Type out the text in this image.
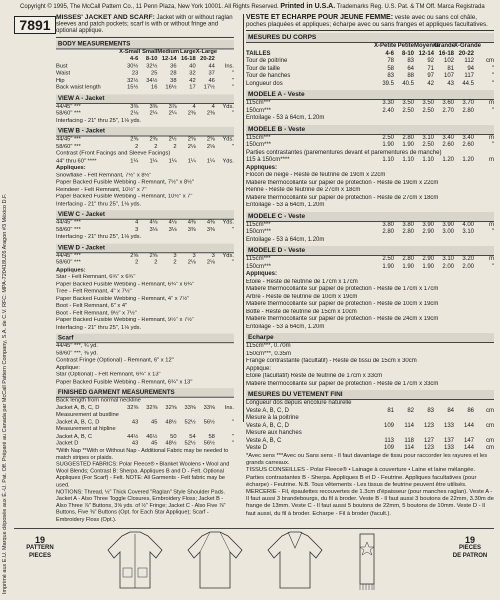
Imprimé aux E.U. Marque déposée aux É.-U. Pat. Off. Préparé au Canada par McCall Pattern Company, S.A. de C.V. RFC: MPA-720418UZ6 Aragon #3 México D.F.
Copyright © 1995, The McCall Pattern Co., 11 Penn Plaza, New York 10001. All Rights Reserved. Printed in U.S.A. Trademarks Reg. U.S. Pat. & TM Off. Marca Registrada
7891 MISSES' JACKET AND SCARF: Jacket with or without raglan sleeves and patch pockets; scarf is with or without fringe and optional applique.
BODY MEASUREMENTS
X-Small Small Medium Large X-Large
4-6	8-10 12-14 16-18 20-22
Bust	30½	32½	36	40	44	Ins.
Waist	23	25	28	32	37	"
Hip	32½	34½	38	42	46	"
Back waist length	15½	16	16½	17	17½	"
VIEW A - Jacket
44/45" ***	3⅜	3⅜	3⅞	4	4	Yds.
58/60" ***	2⅛	2¼	2¼	2⅜	2⅜	"
Interfacing - 21" thru 25", 1⅛ yds.
VIEW B - Jacket
44/45" ***	2⅜	2⅜	2½	2⅝	2⅝	Yds.
58/60" ***	2	2	2	2⅛	2⅛	"
Contrast (Front Facings and Sleeve Facings)
44" thru 60" ****	1¼	1¼	1¼	1¼	1¼	Yds.
Appliques:
Snowflake - Felt Remnant, 7½" x 8½"
Paper Backed Fusible Webbing - Remnant, 7½" x 8½"
Reindeer - Felt Remnant, 10½" x 7"
Paper Backed Fusible Webbing - Remnant, 10½" x 7"
Interfacing - 21" thru 25", 1⅛ yds.
VIEW C - Jacket
44/45" ***	4	4⅛	4⅛	4⅜	4⅜	Yds.
58/60" ***	3	3⅛	3⅛	3⅜	3⅜	"
Interfacing - 21" thru 25", 1⅛ yds.
VIEW D - Jacket
44/45" ***	2⅝	2⅝	3	3	3	Yds.
58/60" ***	2	2	2	2⅛	2⅛	"
Appliques:
Star - Felt Remnant, 6¾" x 6¾"
Paper Backed Fusible Webbing - Remnant, 6¾" x 6¾"
Tree - Felt Remnant, 4" x 7½"
Paper Backed Fusible Webbing - Remnant, 4" x 7½"
Boot - Felt Remnant, 6" x 4"
Boot - Felt Remnant, 9½" x 7½"
Paper Backed Fusible Webbing - Remnant, 9½" x 7½"
Interfacing - 21" thru 25", 1⅛ yds.
Scarf
44/45" ***, ¾ yd.
58/60" ***, ⅜ yd.
Contrast Fringe (Optional) - Remnant, 6" x 12"
Applique:
Star (Optional) - Felt Remnant, 6¾" x 13"
Paper Backed Fusible Webbing - Remnant, 6¾" x 13"
FINISHED GARMENT MEASUREMENTS
Back length from normal neckline
Jacket A, B, C, D	32⅜	32⅜	32⅝	33⅝	33⅝	Ins.
Measurement at bustline
Jacket A, B, C, D	43	45	48½	52½	56½	"
Measurement at hipline
Jacket A, B, C	44½	46½	50	54	58	"
Jacket D	43	45	48½	52½	56½	"
*With Nap **With or Without Nap - Additional Fabric may be needed to match stripes or plaids.
SUGGESTED FABRICS: Polar Fleece® • Blanket Woolens • Wool and Wool Blends; Contrast B: Sherpa. Appliques B and D - Felt. Optional Appliques (For Scarf) - Felt. NOTE: All Garments - Felt fabric may be used.
NOTIONS: Thread, ½" Thick Covered "Raglan" Style Shoulder Pads. Jacket A - Also Three Toggle Closures, Embroidery Floss; Jacket B - Also Three ⅞" Buttons, 3⅝ yds. of ½" Fringe; Jacket C - Also Five ⅞" Buttons, Five ⅜" Buttons (Opt. for Each Star Applique); Scarf - Embroidery Floss (Opt.).
VESTE ET ECHARPE POUR JEUNE FEMME: veste avec ou sans col châle, poches plaquées et appliques; écharpe avec ou sans franges et appliques facultatives.
MESURES DU CORPS
X-Petite Petite Moyenne
Grande
X-Grande
TAILLES	4-6	8-10 12-14 16-18 20-22
Tour de poitrine	78	83	92	102	112	cm
Tour de taille	58	64	71	81	94	"
Tour de hanches	83	88	97	107	117	"
Longueur dos	39.5	40.5	42	43	44.5	"
MODELE A - Veste
115cm***	3.30	3.50	3.50	3.60	3.70	m
150cm***	2.40	2.50	2.50	2.70	2.80	"
Entoilage - 53 à 64cm, 1.20m
MODELE B - Veste
115cm***	2.50	2.80	3.10	3.40	3.40	m
150cm***	1.90	1.90	2.50	2.60	2.60	"
Parties contrastantes (parementures devant et parementures de manche)
115 à 150cm****	1.10	1.10	1.10	1.20	1.20	m
Appliques:
Flocon de neige - Reste de feutrine de 19cm x 22cm
Matière thermocollante sur papier de protection - Reste de 19cm x 22cm
Renne - Reste de feutrine de 27cm x 18cm
Matière thermocollante sur papier de protection - Reste de 27cm x 18cm
Entoilage - 53 à 64cm, 1.20m
MODELE C - Veste
115cm***	3.80	3.80	3.90	3.90	4.00	m
150cm***	2.80	2.80	2.90	3.00	3.10	"
Entoilage - 53 à 64cm, 1.20m
MODELE D - Veste
115cm***	2.50	2.80	2.90	3.10	3.20	m
150cm***	1.90	1.90	1.90	2.00	2.00	"
Appliques:
Etoile - Reste de feutrine de 17cm x 17cm
Matière thermocollante sur papier de protection - Reste de 17cm x 17cm
Arbre - Reste de feutrine de 10cm x 19cm
Matière thermocollante sur papier de protection - Reste de 10cm x 19cm
Botte - Reste de feutrine de 15cm x 10cm
Matière thermocollante sur papier de protection - Reste de 24cm x 19cm
Entoilage - 53 à 64cm, 1.20m
Echarpe
115cm***, 0.70m
150cm***, 0.35m
Frange contrastante (facultatif) - Reste de tissu de 15cm x 30cm
Applique:
Etoile (facultatif) Reste de feutrine de 17cm x 33cm
Matière thermocollante sur papier de protection - Reste de 17cm x 33cm
MESURES DU VETEMENT FINI
Longueur dos depuis encolure naturelle
Veste A, B, C, D	81	82	83	84	86	cm
Mesure à la poitrine
Veste A, B, C, D	109	114	123	133	144	cm
Mesure aux hanches
Veste A, B, C	113	118	127	137	147	cm
Veste D	109	114	123	133	144	cm
*Avec sens ***Avec ou Sans sens - Il faut davantage de tissu pour raccorder les rayures et les grands carreaux.
TISSUS CONSEILLES - Polar Fleece® • Lainage à couverture • Laine et laine mélangée. Parties contrastantes B - Sherpa. Appliques B et D - Feutrine. Appliques facultatives (pour écharpe) - Feutrine. N.B. Tous vêtements - Les tissus de feutrine peuvent être utilisés.
MERCERIE - Fil, épaulettes recouvertes de 1.3cm d'épaisseur (pour manches raglan). Veste A - Il faut aussi 3 brandebourgs, du fil à broder. Veste B - Il faut aussi 3 boutons de 22mm, 3.30m de frange de 13mm. Veste C - Il faut aussi 5 boutons de 22mm, 5 boutons de 10mm. Veste D - Il faut aussi, du fil à broder. Echarpe - Fil à broder (facult.).
19
PATTERN
PIECES
19
PIECES
DE PATRON
